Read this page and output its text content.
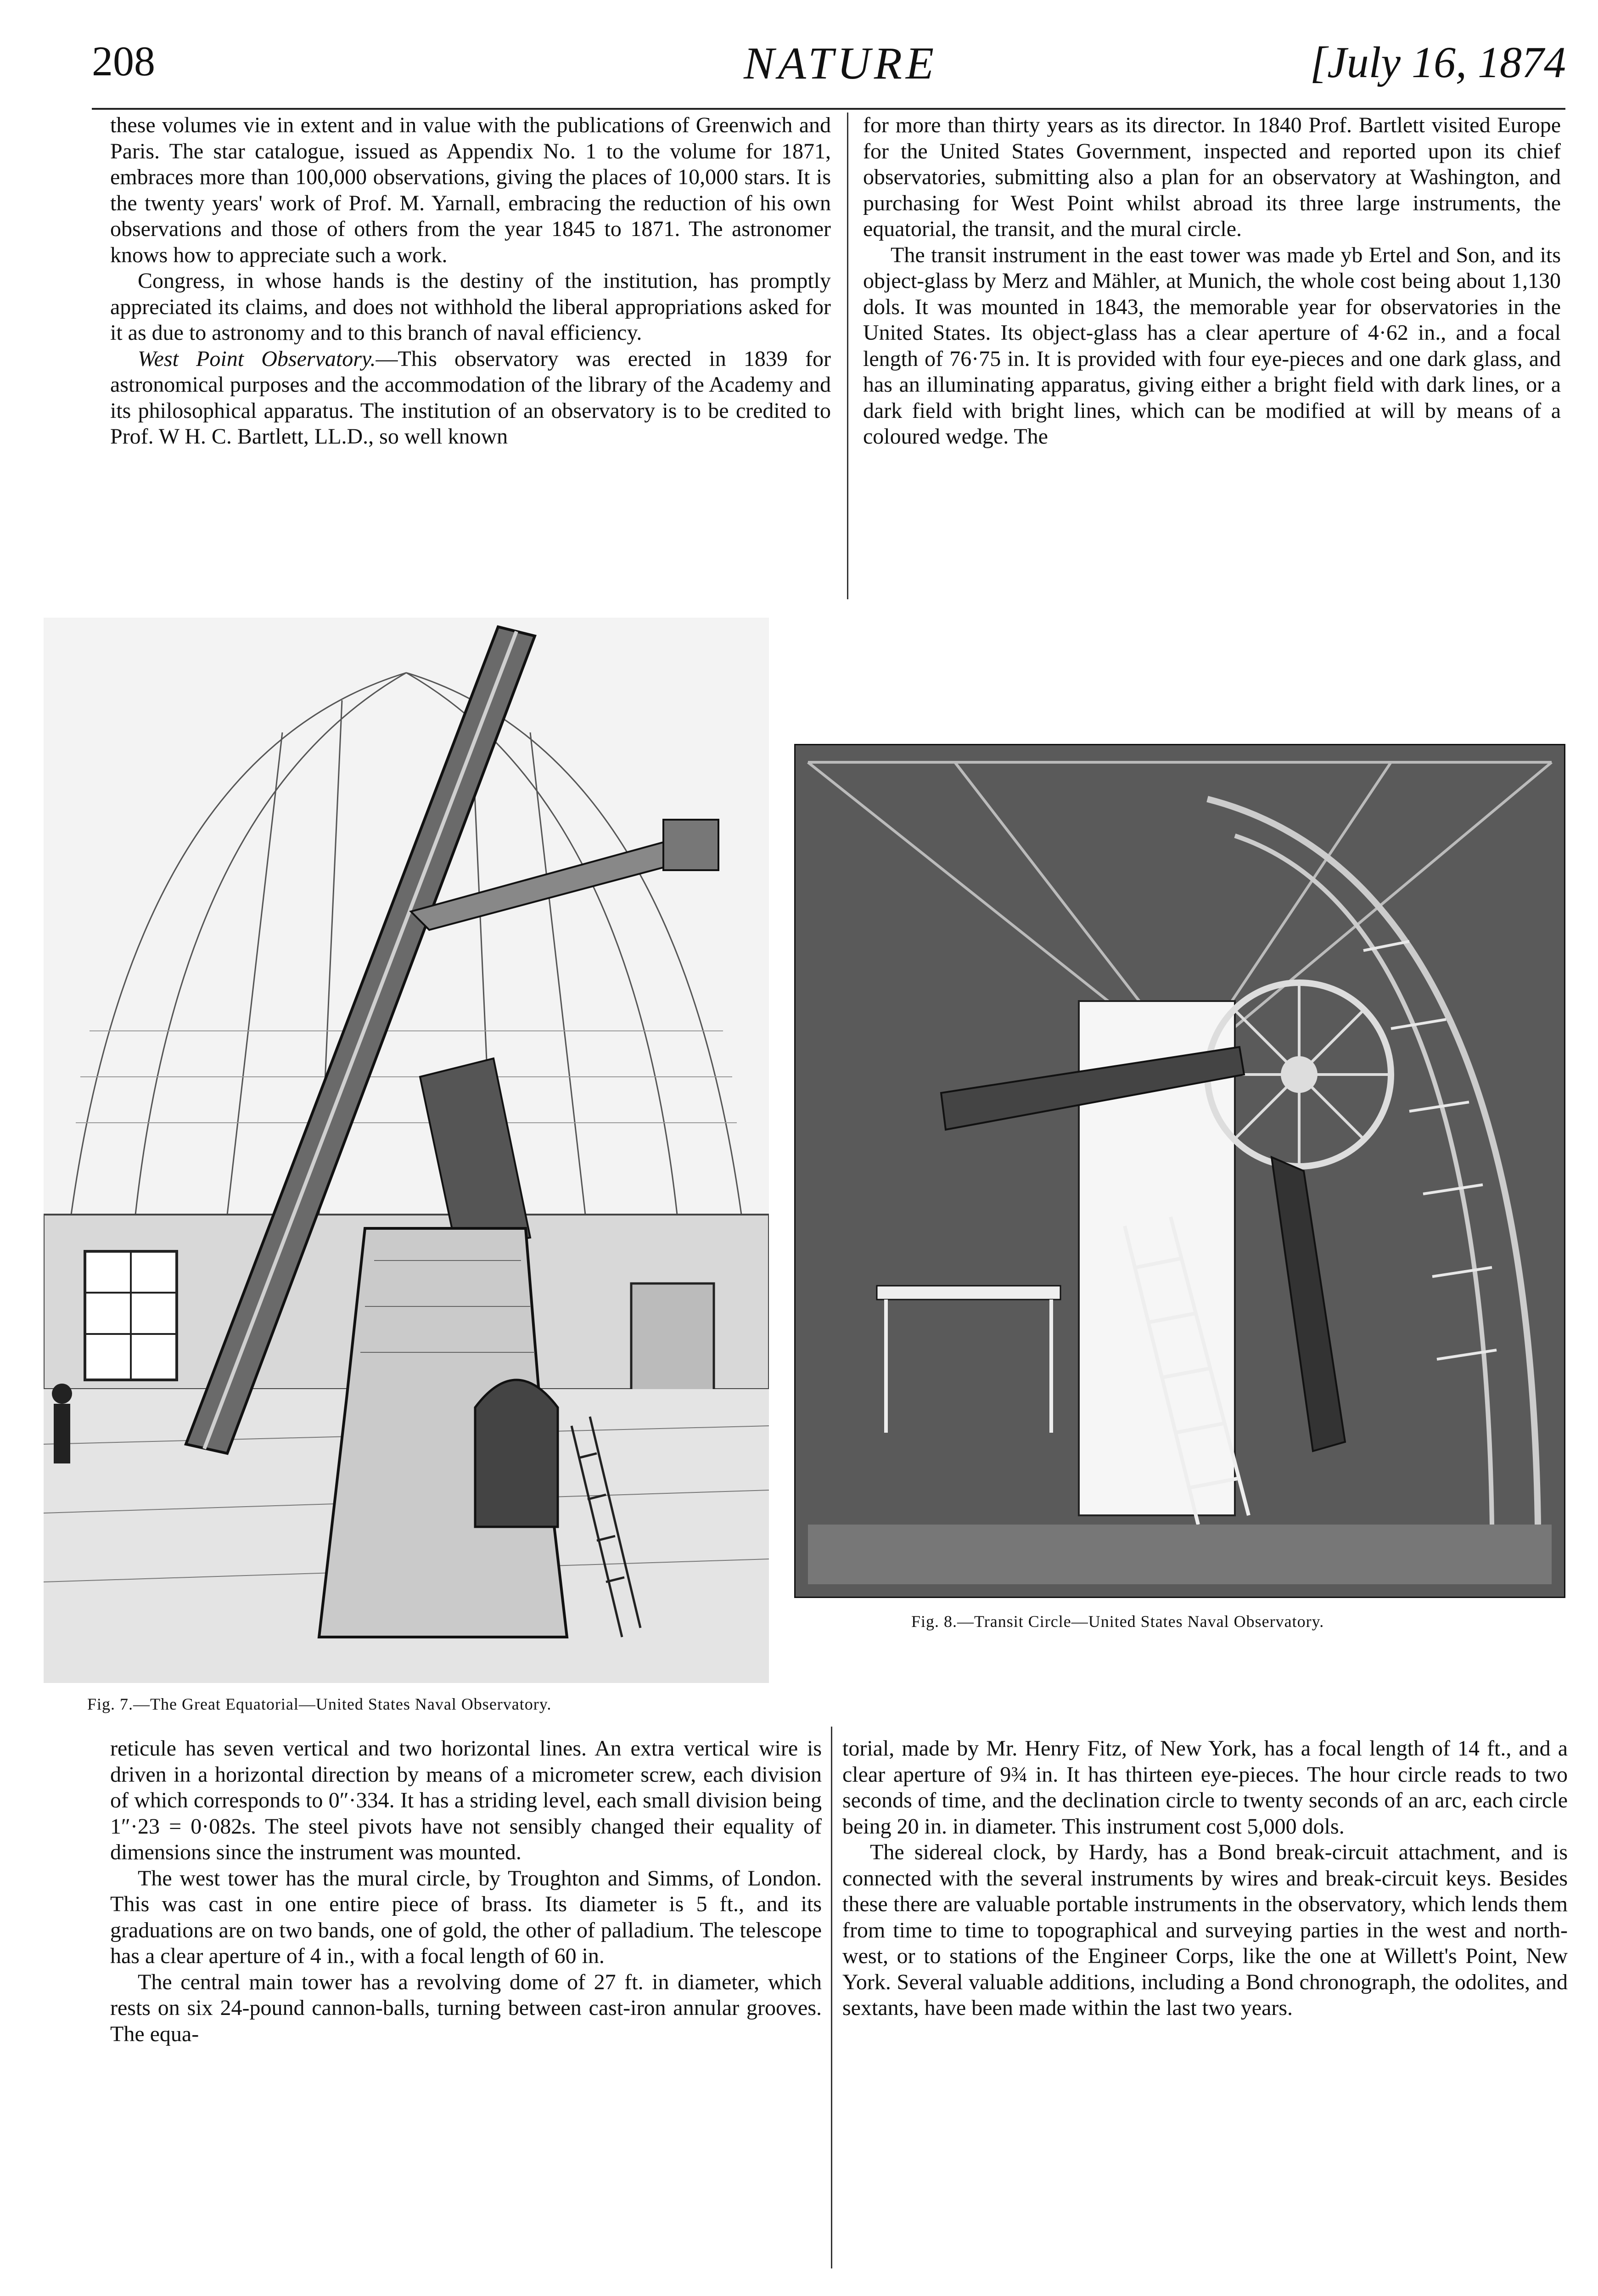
208	NATURE	[July 16, 1874

these volumes vie in extent and in value with the publications of Greenwich and Paris. The star catalogue, issued as Appendix No. 1 to the volume for 1871, embraces more than 100,000 observations, giving the places of 10,000 stars. It is the twenty years' work of Prof. M. Yarnall, embracing the reduction of his own observations and those of others from the year 1845 to 1871. The astronomer knows how to appreciate such a work.

Congress, in whose hands is the destiny of the institution, has promptly appreciated its claims, and does not withhold the liberal appropriations asked for it as due to astronomy and to this branch of naval efficiency.

West Point Observatory.—This observatory was erected in 1839 for astronomical purposes and the accommodation of the library of the Academy and its philosophical apparatus. The institution of an observatory is to be credited to Prof. W H. C. Bartlett, LL.D., so well known

for more than thirty years as its director. In 1840 Prof. Bartlett visited Europe for the United States Government, inspected and reported upon its chief observatories, submitting also a plan for an observatory at Washington, and purchasing for West Point whilst abroad its three large instruments, the equatorial, the transit, and the mural circle.

The transit instrument in the east tower was made yb Ertel and Son, and its object-glass by Merz and Mähler, at Munich, the whole cost being about 1,130 dols. It was mounted in 1843, the memorable year for observatories in the United States. Its object-glass has a clear aperture of 4·62 in., and a focal length of 76·75 in. It is provided with four eye-pieces and one dark glass, and has an illuminating apparatus, giving either a bright field with dark lines, or a dark field with bright lines, which can be modified at will by means of a coloured wedge. The

Fig. 7.—The Great Equatorial—United States Naval Observatory.
Fig. 8.—Transit Circle—United States Naval Observatory.

reticule has seven vertical and two horizontal lines. An extra vertical wire is driven in a horizontal direction by means of a micrometer screw, each division of which corresponds to 0″·334. It has a striding level, each small division being 1″·23 = 0·082s. The steel pivots have not sensibly changed their equality of dimensions since the instrument was mounted.

The west tower has the mural circle, by Troughton and Simms, of London. This was cast in one entire piece of brass. Its diameter is 5 ft., and its graduations are on two bands, one of gold, the other of palladium. The telescope has a clear aperture of 4 in., with a focal length of 60 in.

The central main tower has a revolving dome of 27 ft. in diameter, which rests on six 24-pound cannon-balls, turning between cast-iron annular grooves. The equa-

torial, made by Mr. Henry Fitz, of New York, has a focal length of 14 ft., and a clear aperture of 9¾ in. It has thirteen eye-pieces. The hour circle reads to two seconds of time, and the declination circle to twenty seconds of an arc, each circle being 20 in. in diameter. This instrument cost 5,000 dols.

The sidereal clock, by Hardy, has a Bond break-circuit attachment, and is connected with the several instruments by wires and break-circuit keys. Besides these there are valuable portable instruments in the observatory, which lends them from time to time to topographical and surveying parties in the west and north-west, or to stations of the Engineer Corps, like the one at Willett's Point, New York. Several valuable additions, including a Bond chronograph, the odolites, and sextants, have been made within the last two years.
